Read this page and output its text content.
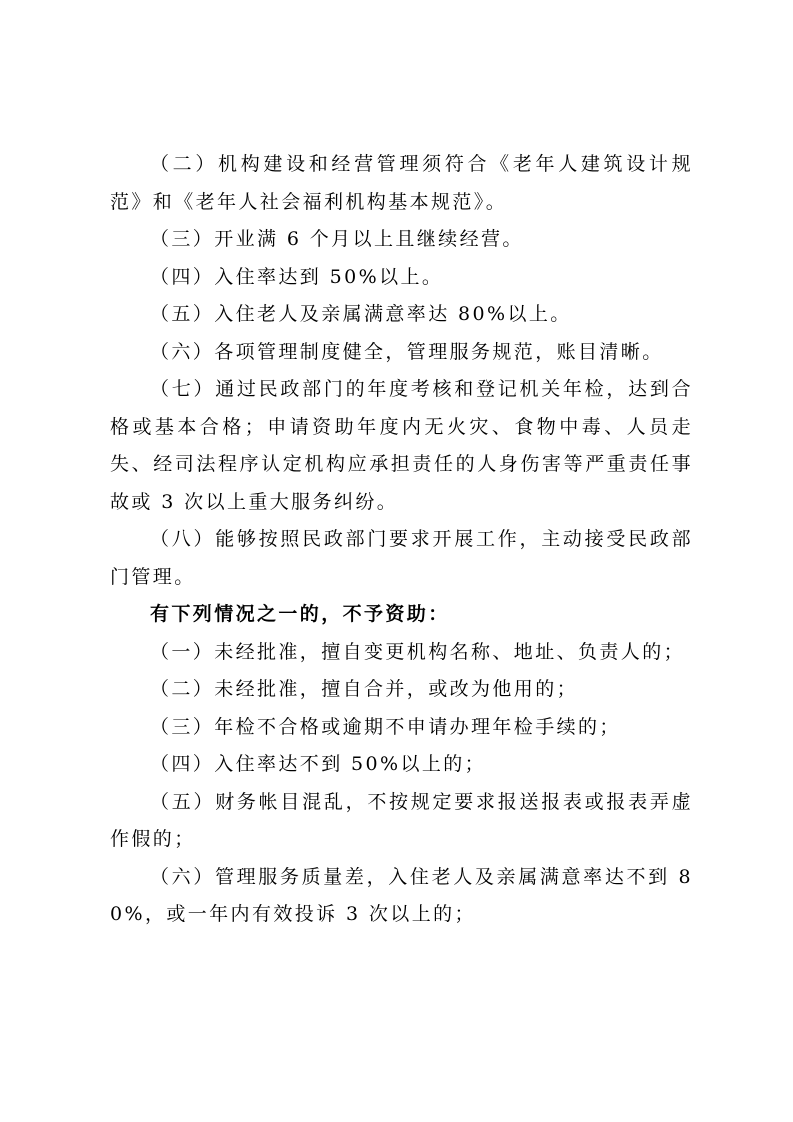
（二）机构建设和经营管理须符合《老年人建筑设计规范》和《老年人社会福利机构基本规范》。

（三）开业满 6 个月以上且继续经营。

（四）入住率达到 50%以上。

（五）入住老人及亲属满意率达 80%以上。

（六）各项管理制度健全，管理服务规范，账目清晰。

（七）通过民政部门的年度考核和登记机关年检，达到合格或基本合格；申请资助年度内无火灾、食物中毒、人员走失、经司法程序认定机构应承担责任的人身伤害等严重责任事故或 3 次以上重大服务纠纷。

（八）能够按照民政部门要求开展工作，主动接受民政部门管理。

有下列情况之一的，不予资助：

（一）未经批准，擅自变更机构名称、地址、负责人的；

（二）未经批准，擅自合并，或改为他用的；

（三）年检不合格或逾期不申请办理年检手续的；

（四）入住率达不到 50%以上的；

（五）财务帐目混乱，不按规定要求报送报表或报表弄虚作假的；

（六）管理服务质量差，入住老人及亲属满意率达不到 80%，或一年内有效投诉 3 次以上的；
